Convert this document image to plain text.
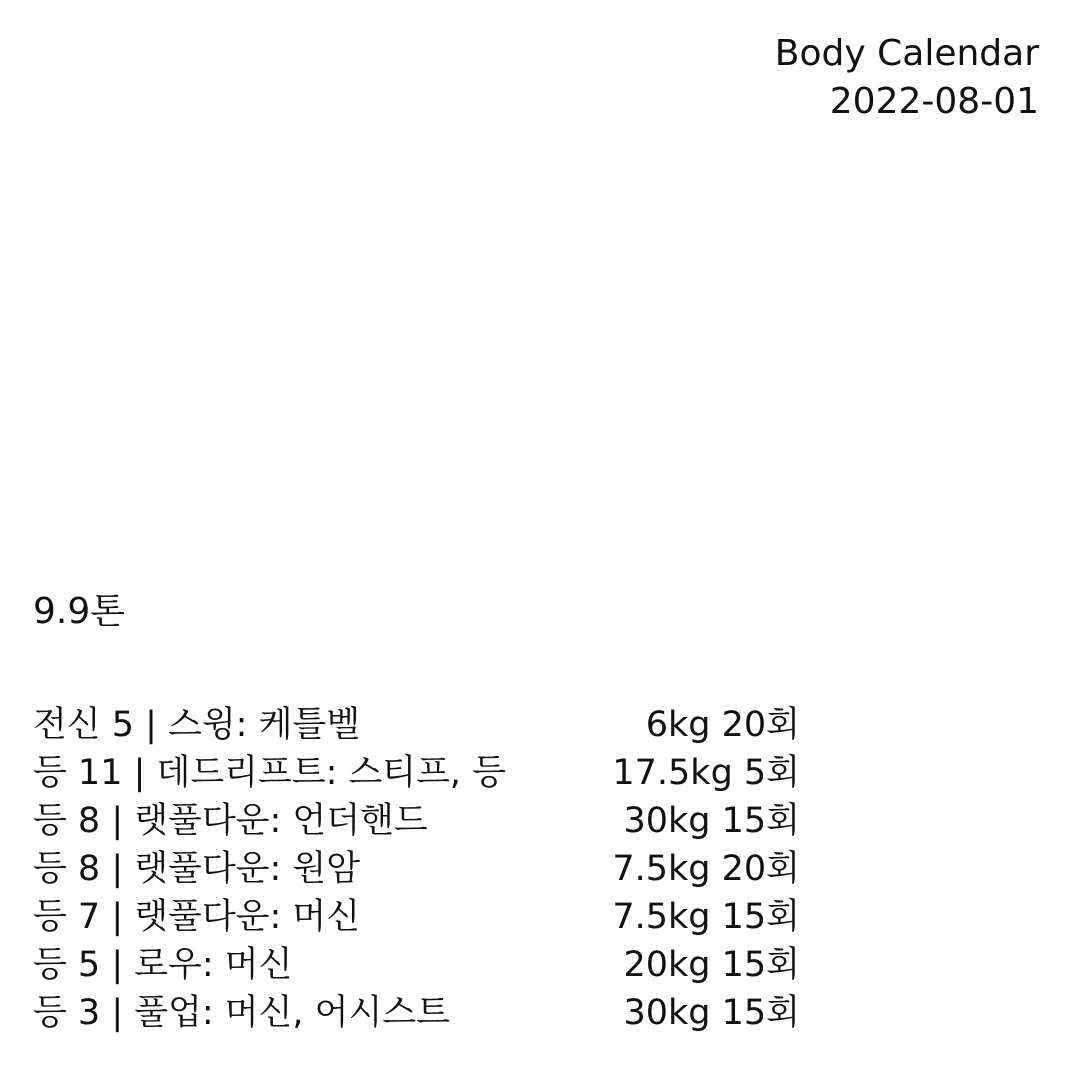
Body Calendar
2022-08-01
9.9톤
전신 5 | 스윙: 케틀벨	6kg 20회
등 11 | 데드리프트: 스티프, 등	17.5kg 5회
등 8 | 랫풀다운: 언더핸드	30kg 15회
등 8 | 랫풀다운: 원암	7.5kg 20회
등 7 | 랫풀다운: 머신	7.5kg 15회
등 5 | 로우: 머신	20kg 15회
등 3 | 풀업: 머신, 어시스트	30kg 15회
